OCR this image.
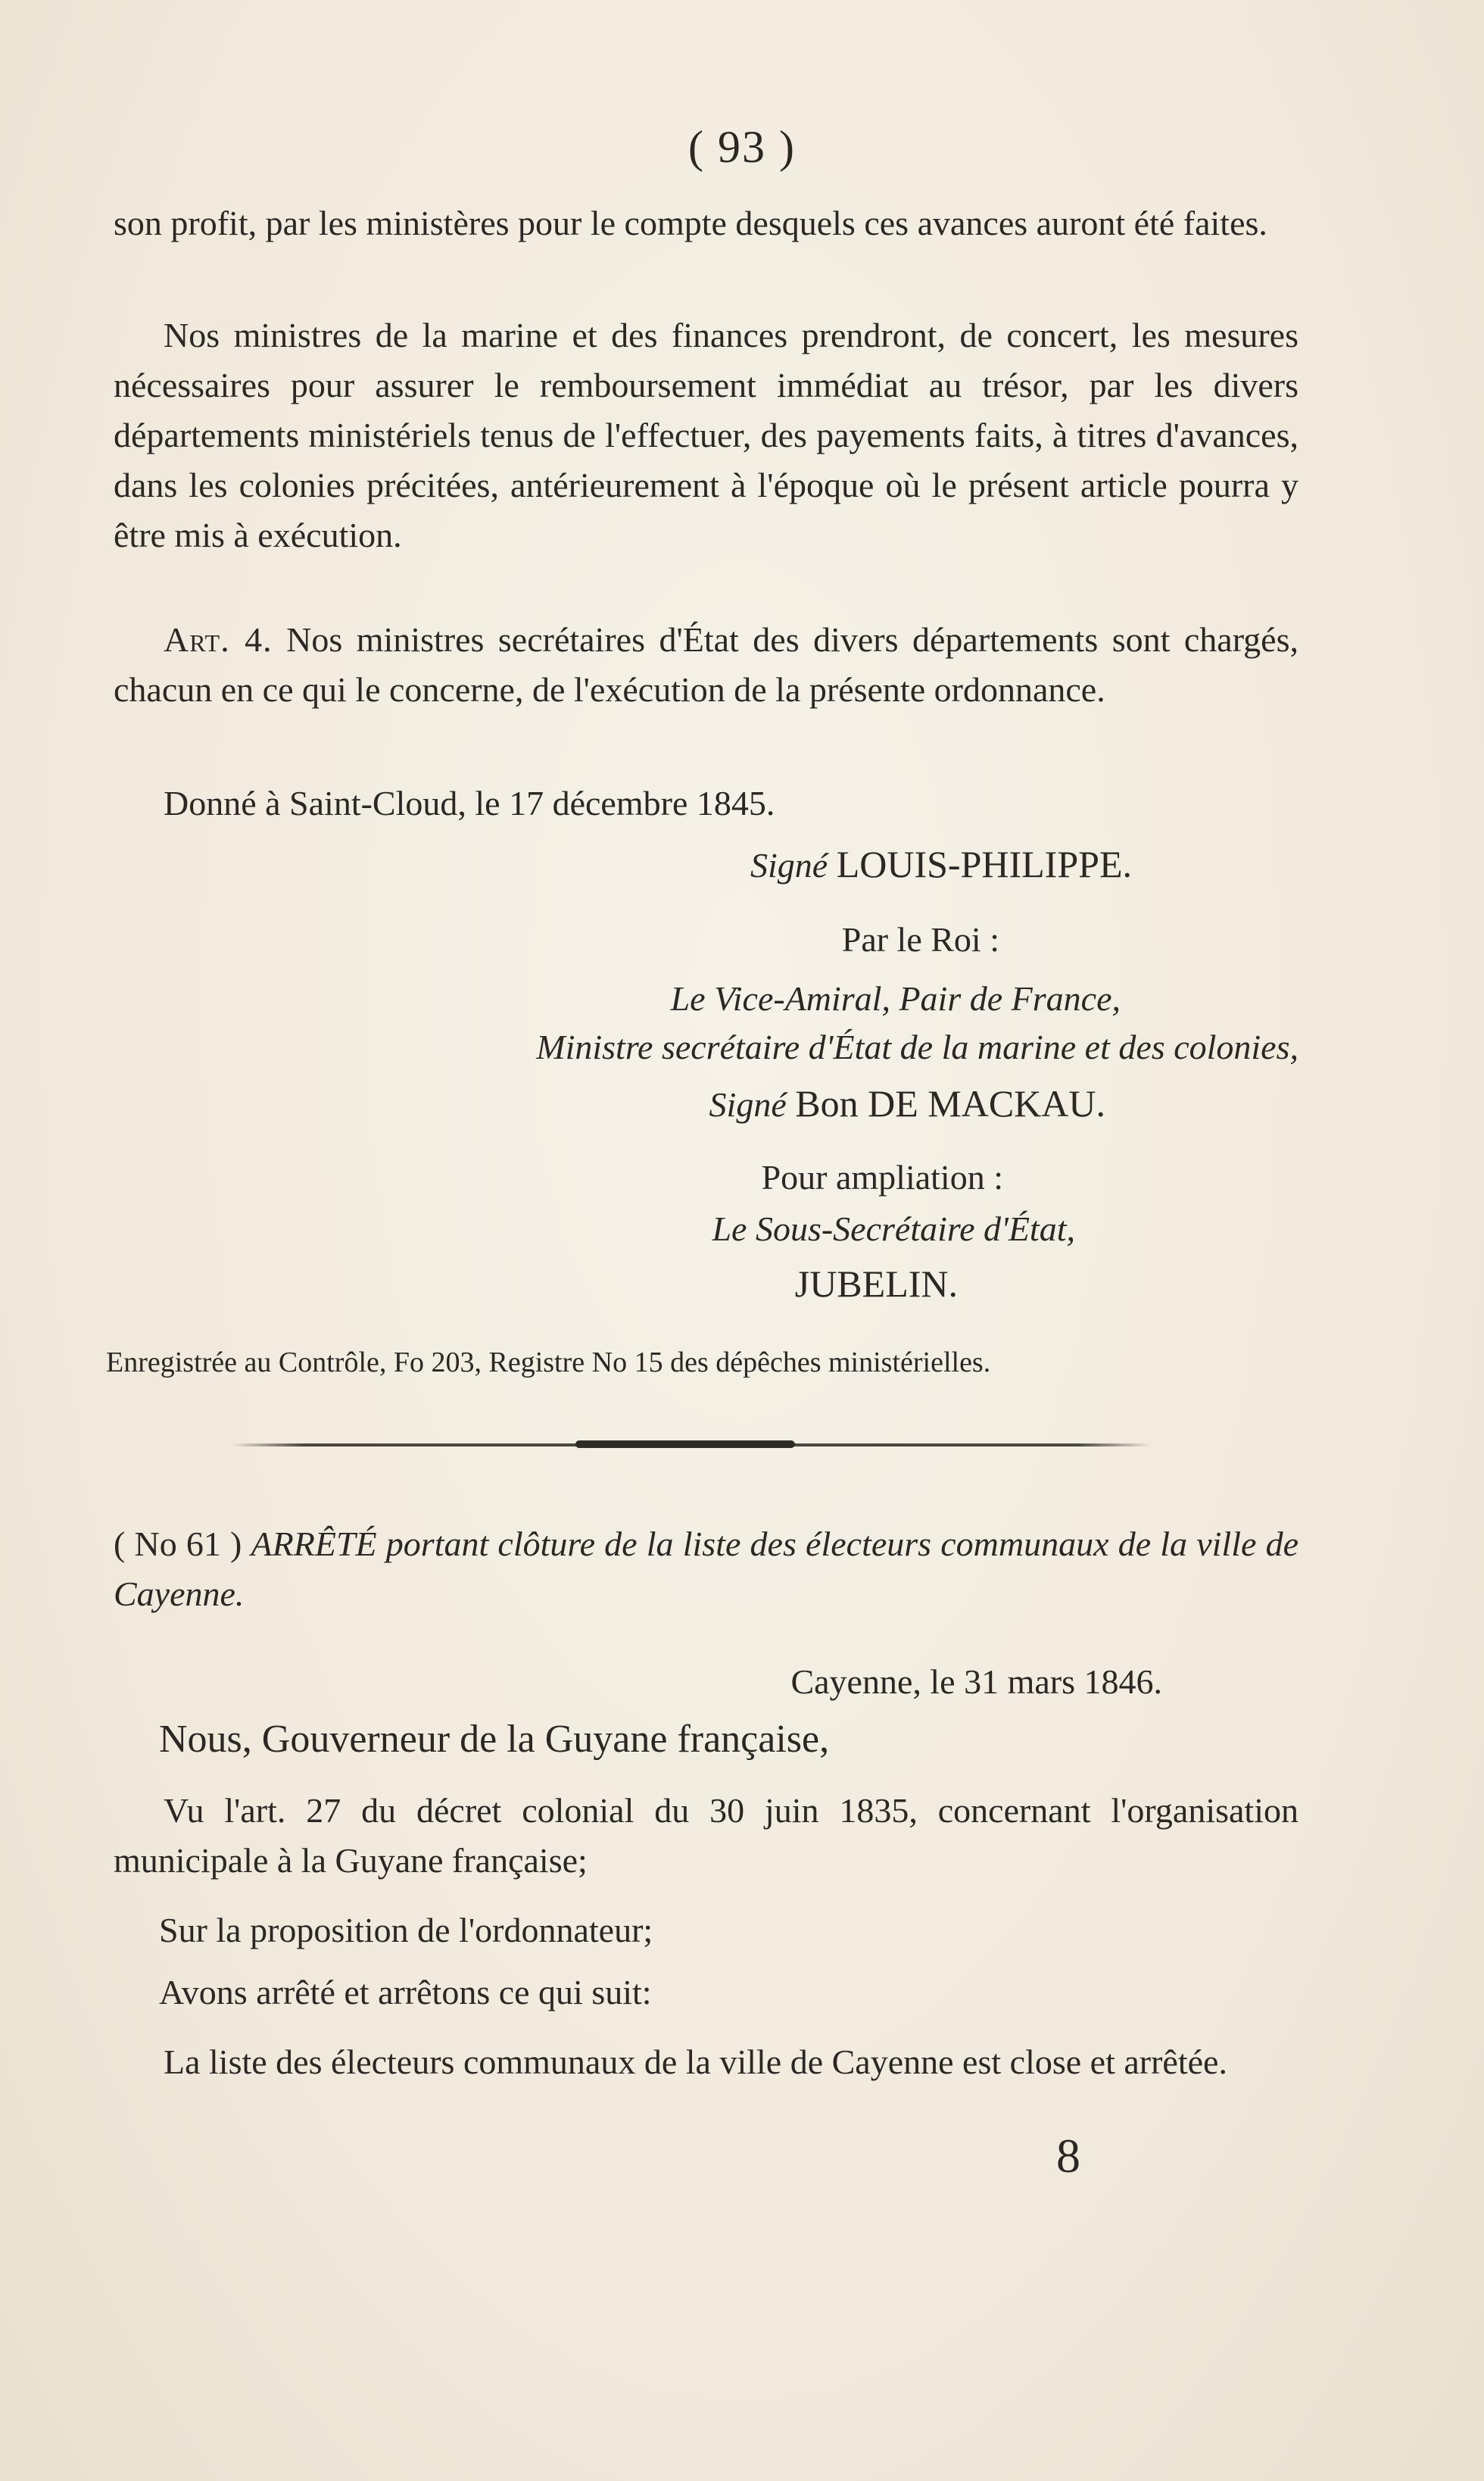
( 93 )
son profit, par les ministères pour le compte desquels ces avances auront été faites.
Nos ministres de la marine et des finances prendront, de concert, les mesures nécessaires pour assurer le remboursement immédiat au trésor, par les divers départements ministériels tenus de l'effectuer, des payements faits, à titres d'avances, dans les colonies précitées, antérieurement à l'époque où le présent article pourra y être mis à exécution.
Art. 4. Nos ministres secrétaires d'État des divers départements sont chargés, chacun en ce qui le concerne, de l'exécution de la présente ordonnance.
Donné à Saint-Cloud, le 17 décembre 1845.
Signé LOUIS-PHILIPPE.
Par le Roi :
Le Vice-Amiral, Pair de France,
Ministre secrétaire d'État de la marine et des colonies,
Signé Bon DE MACKAU.
Pour ampliation :
Le Sous-Secrétaire d'État,
JUBELIN.
Enregistrée au Contrôle, Fo 203, Registre No 15 des dépêches ministérielles.
( No 61 ) ARRÊTÉ portant clôture de la liste des électeurs communaux de la ville de Cayenne.
Cayenne, le 31 mars 1846.
Nous, Gouverneur de la Guyane française,
Vu l'art. 27 du décret colonial du 30 juin 1835, concernant l'organisation municipale à la Guyane française;
Sur la proposition de l'ordonnateur;
Avons arrêté et arrêtons ce qui suit:
La liste des électeurs communaux de la ville de Cayenne est close et arrêtée.
8
